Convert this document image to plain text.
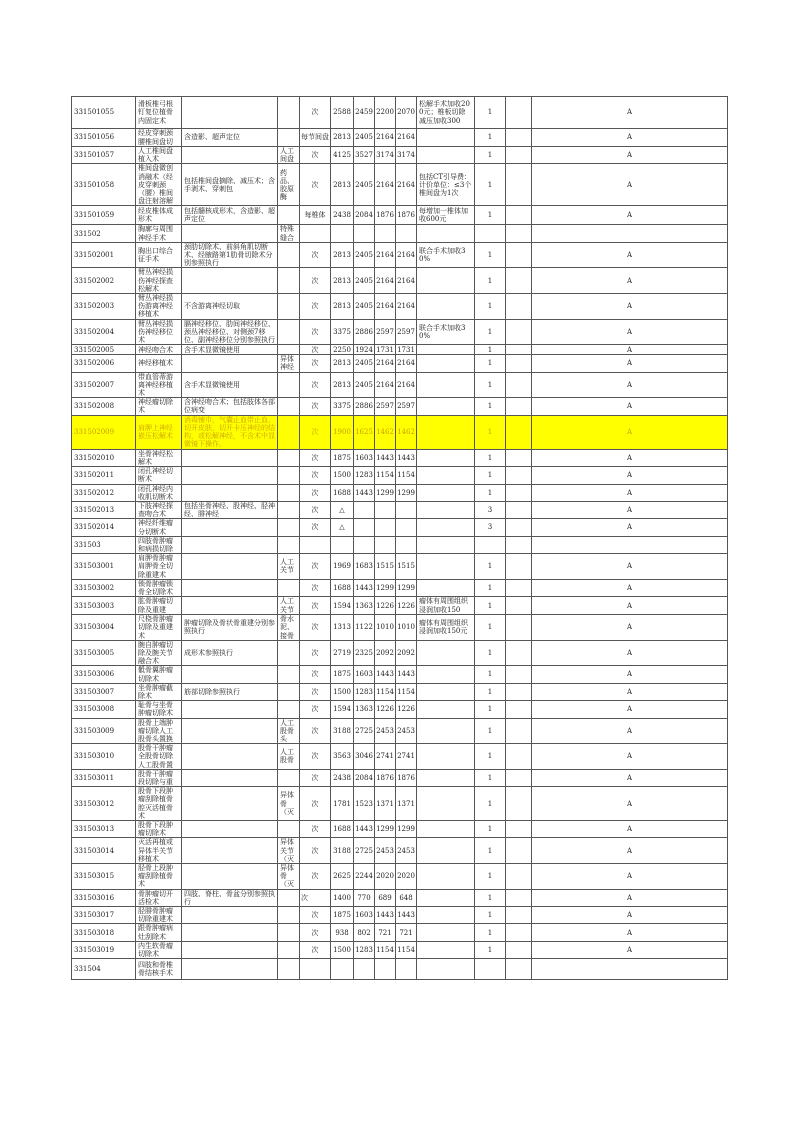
331501055	滑板椎弓根钉复位植骨内固定术			次	2588	2459	2200	2070	松解手术加收200元；椎板切除减压加收300	1		A
331501056	经皮穿刺颈腰椎间盘切	含造影、超声定位		每节间盘	2813	2405	2164	2164		1		A
331501057	人工椎间盘植入术		人工间盘	次	4125	3527	3174	3174		1		A
331501058	椎间盘微创消融术（经皮穿刺颈（腰）椎间盘注射溶解	包括椎间盘摘除、减压术；含手剥术、穿刺包	药品、胶原酶	次	2813	2405	2164	2164	包括CT引导费：计价单位：≤3个椎间盘为1次	1		A
331501059	经皮椎体成形术	包括髓核成形术，含造影、超声定位		每椎体	2438	2084	1876	1876	每增加一椎体加收600元	1		A
331502	胸廓与周围神经手术		特殊缝合									
331502001	胸出口综合征手术	颈肋切除术、前斜角肌切断术、经腋路第1肋骨切除术分别参照执行		次	2813	2405	2164	2164	联合手术加收30%	1		A
331502002	臂丛神经损伤神经探查松解术			次	2813	2405	2164	2164		1		A
331502003	臂丛神经损伤游离神经移植术	不含游离神经切取		次	2813	2405	2164	2164		1		A
331502004	臂丛神经损伤神经移位术	膈神经移位、肋间神经移位、颈丛神经移位、对侧颈7移位、副神经移位分别参照执行		次	3375	2886	2597	2597	联合手术加收30%	1		A
331502005	神经吻合术	含手术显微镜使用		次	2250	1924	1731	1731		1		A
331502006	神经移植术		异体神经	次	2813	2405	2164	2164		1		A
331502007	带血管蒂游离神经移植术	含手术显微镜使用		次	2813	2405	2164	2164		1		A
331502008	神经瘤切除术	含神经吻合术；包括肢体各部位病变		次	3375	2886	2597	2597		1		A
331502009	肩胛上神经嵌压松解术	消毒铺巾，气囊止血带止血，切开皮肤，切开卡压神经的结构，或松解神经，不含术中显微镜下操作。		次	1900	1625	1462	1462		1		A
331502010	坐骨神经松解术			次	1875	1603	1443	1443		1		A
331502011	闭孔神经切断术			次	1500	1283	1154	1154		1		A
331502012	闭孔神经内收肌切断术			次	1688	1443	1299	1299		1		A
331502013	下肢神经探查吻合术	包括坐骨神经、股神经、胫神经、腓神经		次	△					3		A
331502014	神经纤维瘤分切断术			次	△					3		A
331503	四肢骨肿瘤和病损切除											
331503001	肩胛骨肿瘤肩胛骨全切除重建术		人工关节	次	1969	1683	1515	1515		1		A
331503002	锁骨肿瘤锁骨全切除术			次	1688	1443	1299	1299		1		A
331503003	肱骨肿瘤切除及重建		人工关节	次	1594	1363	1226	1226	瘤体有周围组织浸润加收150	1		A
331503004	尺桡骨肿瘤切除及重建术	肿瘤切除及骨状骨重建分别参照执行	骨水泥、接骨	次	1313	1122	1010	1010	瘤体有周围组织浸润加收150元	1		A
331503005	腕自肿瘤切除及腕关节融合术	成形术参照执行		次	2719	2325	2092	2092		1		A
331503006	骶骨翼肿瘤切除术			次	1875	1603	1443	1443		1		A
331503007	坐骨肿瘤截除术	筋部切除参照执行		次	1500	1283	1154	1154		1		A
331503008	耻骨与坐骨肿瘤切除术			次	1594	1363	1226	1226		1		A
331503009	股骨上端肿瘤切除人工股骨头置换		人工股骨头	次	3188	2725	2453	2453		1		A
331503010	股骨干肿瘤全股骨切除人工股骨置		人工股骨	次	3563	3046	2741	2741		1		A
331503011	股骨干肿瘤段切除与重			次	2438	2084	1876	1876		1		A
331503012	股骨下段肿瘤刮除植骨腔灭活植骨术		异体骨（灭	次	1781	1523	1371	1371		1		A
331503013	股骨下段肿瘤切除术			次	1688	1443	1299	1299		1		A
331503014	灭活再植或异体半关节移植术		异体关节（灭	次	3188	2725	2453	2453		1		A
331503015	胫骨上段肿瘤刮除植骨术		异体骨（灭	次	2625	2244	2020	2020		1		A
331503016	骨肿瘤切开活检术	四肢、脊柱、骨盆分别参照执行		次	1400	770	689	648		1		A
331503017	胫腓骨肿瘤切除重建术			次	1875	1603	1443	1443		1		A
331503018	跟骨肿瘤病灶刮除术			次	938	802	721	721		1		A
331503019	内生软骨瘤切除术			次	1500	1283	1154	1154		1		A
331504	四肢和骨椎骨结核手术											
